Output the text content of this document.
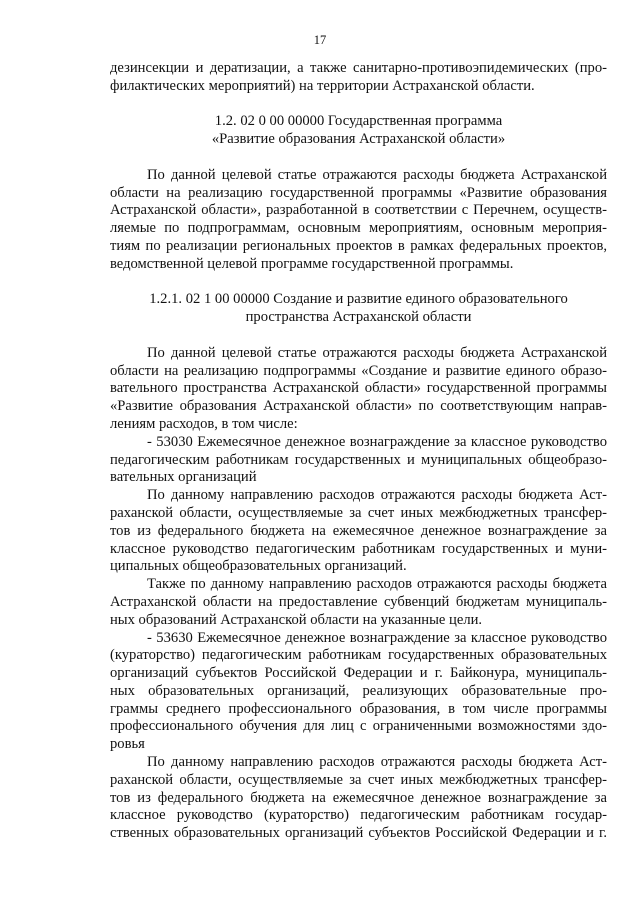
17
дезинсекции и дератизации, а также санитарно-противоэпидемических (про-
филактических мероприятий) на территории Астраханской области.
1.2. 02 0 00 00000 Государственная программа
«Развитие образования Астраханской области»
По данной целевой статье отражаются расходы бюджета Астраханской
области на реализацию государственной программы «Развитие образования
Астраханской области», разработанной в соответствии с Перечнем, осуществ-
ляемые по подпрограммам, основным мероприятиям, основным мероприя-
тиям по реализации региональных проектов в рамках федеральных проектов,
ведомственной целевой программе государственной программы.
1.2.1. 02 1 00 00000 Создание и развитие единого образовательного
пространства Астраханской области
По данной целевой статье отражаются расходы бюджета Астраханской
области на реализацию подпрограммы «Создание и развитие единого образо-
вательного пространства Астраханской области» государственной программы
«Развитие образования Астраханской области» по соответствующим направ-
лениям расходов, в том числе:
- 53030 Ежемесячное денежное вознаграждение за классное руководство
педагогическим работникам государственных и муниципальных общеобразо-
вательных организаций
По данному направлению расходов отражаются расходы бюджета Аст-
раханской области, осуществляемые за счет иных межбюджетных трансфер-
тов из федерального бюджета на ежемесячное денежное вознаграждение за
классное руководство педагогическим работникам государственных и муни-
ципальных общеобразовательных организаций.
Также по данному направлению расходов отражаются расходы бюджета
Астраханской области на предоставление субвенций бюджетам муниципаль-
ных образований Астраханской области на указанные цели.
- 53630 Ежемесячное денежное вознаграждение за классное руководство
(кураторство) педагогическим работникам государственных образовательных
организаций субъектов Российской Федерации и г. Байконура, муниципаль-
ных образовательных организаций, реализующих образовательные про-
граммы среднего профессионального образования, в том числе программы
профессионального обучения для лиц с ограниченными возможностями здо-
ровья
По данному направлению расходов отражаются расходы бюджета Аст-
раханской области, осуществляемые за счет иных межбюджетных трансфер-
тов из федерального бюджета на ежемесячное денежное вознаграждение за
классное руководство (кураторство) педагогическим работникам государ-
ственных образовательных организаций субъектов Российской Федерации и г.
